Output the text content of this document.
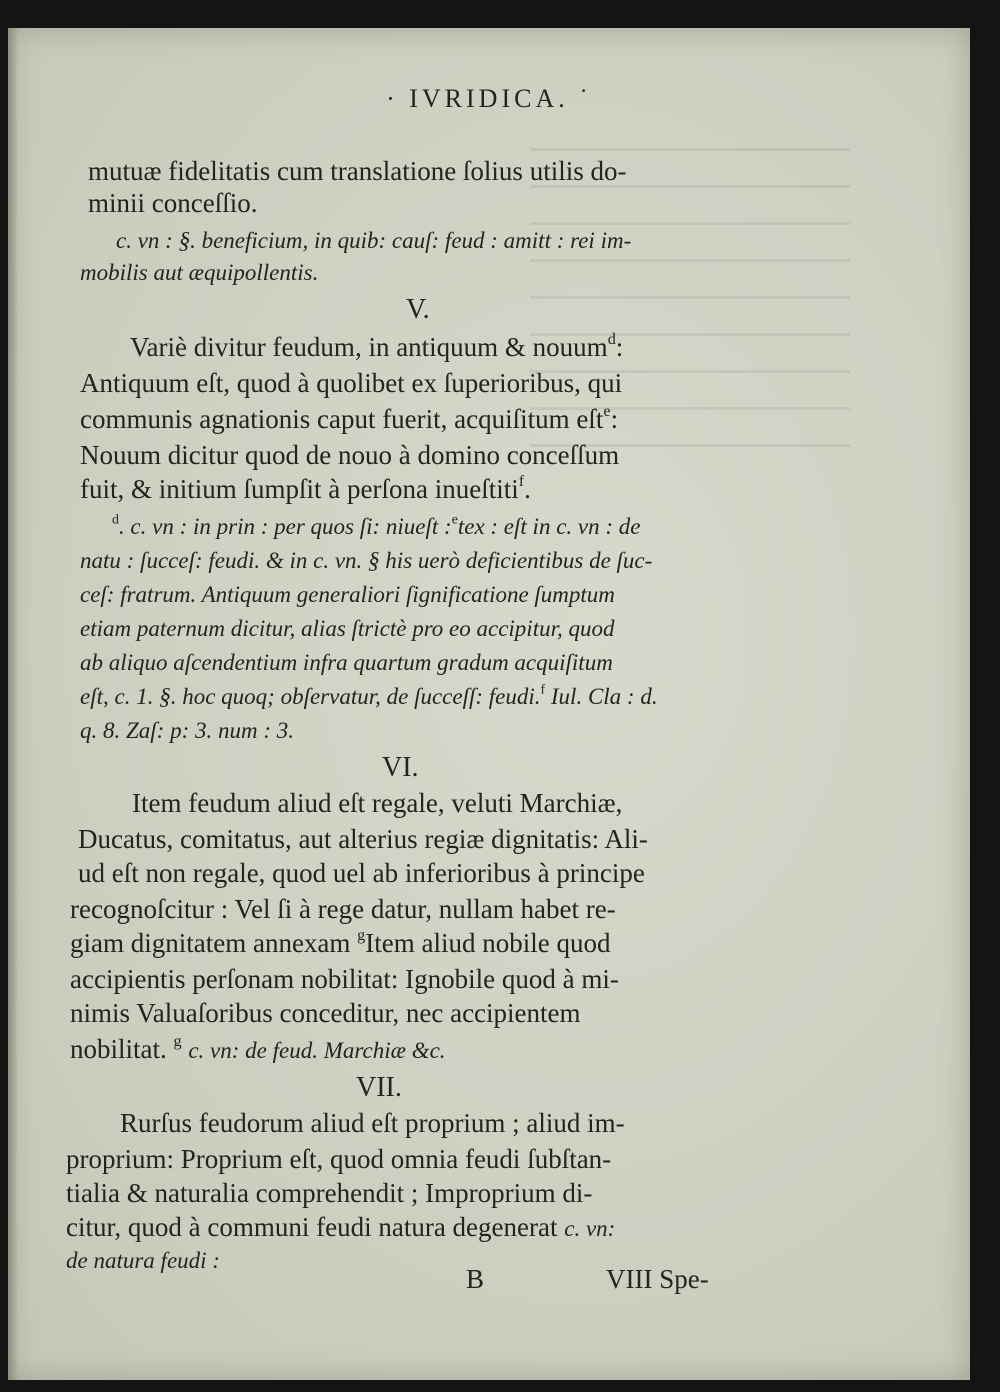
· IVRIDICA. ˙
mutuæ fidelitatis cum translatione ſolius utilis do-
minii conceſſio.
c. vn : §. beneficium, in quib: cauſ: feud : amitt : rei im-
mobilis aut æquipollentis.
V.
Variè divitur feudum, in antiquum & nouum$^d$:
Antiquum eſt, quod à quolibet ex ſuperioribus, qui
communis agnationis caput fuerit, acquiſitum eſt$^e$:
Nouum dicitur quod de nouo à domino conceſſum
fuit, & initium ſumpſit à perſona inueſtiti$^f$.
$^d$. c. vn : in prin : per quos ſi: niueſt :$^e$tex : eſt in c. vn : de
natu : ſucceſ: feudi. & in c. vn. § his uerò deficientibus de ſuc-
ceſ: fratrum. Antiquum generaliori ſignificatione ſumptum
etiam paternum dicitur, alias ſtrictè pro eo accipitur, quod
ab aliquo aſcendentium infra quartum gradum acquiſitum
eſt, c. 1. §. hoc quoq; obſervatur, de ſucceſſ: feudi.$^f$ Iul. Cla : d.
q. 8. Zaſ: p: 3. num : 3.
VI.
Item feudum aliud eſt regale, veluti Marchiæ,
Ducatus, comitatus, aut alterius regiæ dignitatis: Ali-
ud eſt non regale, quod uel ab inferioribus à principe
recognoſcitur : Vel ſi à rege datur, nullam habet re-
giam dignitatem annexam $^g$Item aliud nobile quod
accipientis perſonam nobilitat: Ignobile quod à mi-
nimis Valuaſoribus conceditur, nec accipientem
nobilitat. $^g$ c. vn: de feud. Marchiæ &c.
VII.
Rurſus feudorum aliud eſt proprium ; aliud im-
proprium: Proprium eſt, quod omnia feudi ſubſtan-
tialia & naturalia comprehendit ; Improprium di-
citur, quod à communi feudi natura degenerat c. vn:
de natura feudi :
B	VIII Spe-
